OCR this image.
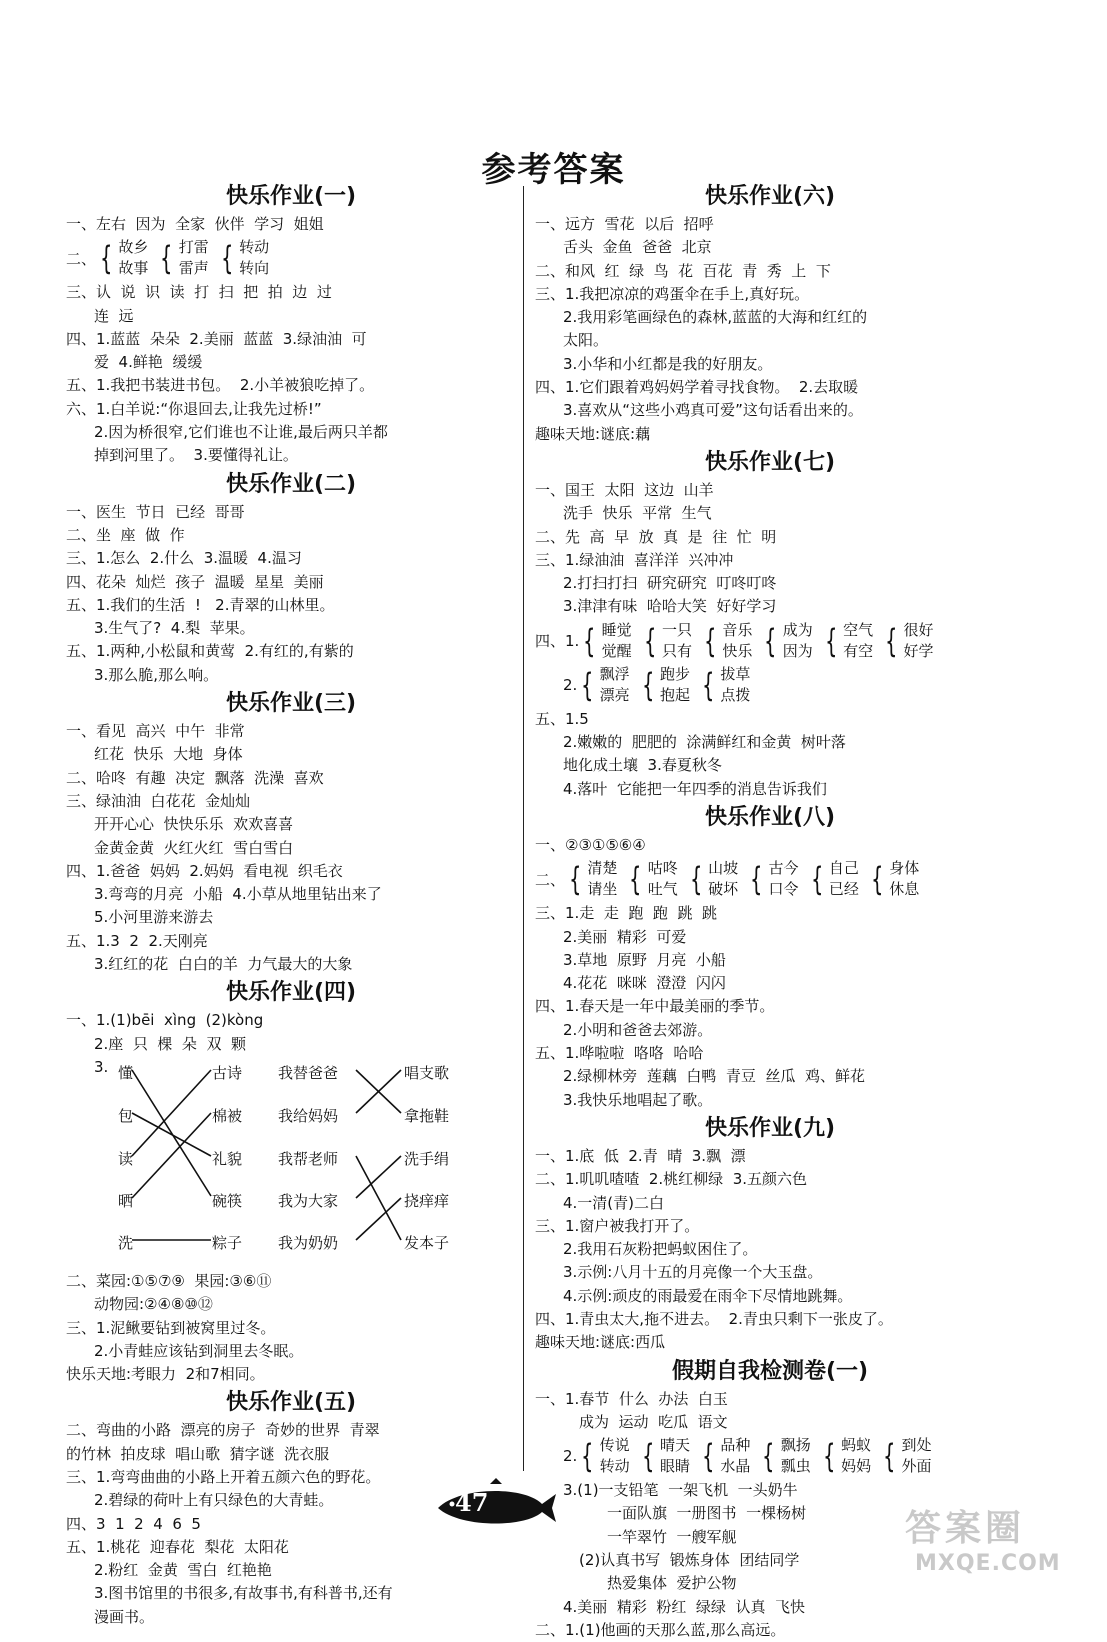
参考答案
快乐作业(一)
一、左右  因为  全家  伙伴  学习  姐姐
二、 { 故乡
故事 { 打雷
雷声 { 转动
转向
三、认  说  识  读  打  扫  把  拍  边  过
连  远
四、1.蓝蓝  朵朵  2.美丽  蓝蓝  3.绿油油  可
爱  4.鲜艳  缓缓
五、1.我把书装进书包。  2.小羊被狼吃掉了。
六、1.白羊说:“你退回去,让我先过桥!”
2.因为桥很窄,它们谁也不让谁,最后两只羊都
掉到河里了。  3.要懂得礼让。
快乐作业(二)
一、医生  节日  已经  哥哥
二、坐  座  做  作
三、1.怎么  2.什么  3.温暖  4.温习
四、花朵  灿烂  孩子  温暖  星星  美丽
五、1.我们的生活  !   2.青翠的山林里。
3.生气了?  4.梨  苹果。
五、1.两种,小松鼠和黄莺  2.有红的,有紫的
3.那么脆,那么响。
快乐作业(三)
一、看见  高兴  中午  非常
红花  快乐  大地  身体
二、哈咚  有趣  决定  飘落  洗澡  喜欢
三、绿油油  白花花  金灿灿
开开心心  快快乐乐  欢欢喜喜
金黄金黄  火红火红  雪白雪白
四、1.爸爸  妈妈  2.妈妈  看电视  织毛衣
3.弯弯的月亮  小船  4.小草从地里钻出来了
5.小河里游来游去
五、1.3  2  2.天刚亮
3.红红的花  白白的羊  力气最大的大象
快乐作业(四)
一、1.(1)bēi  xìng  (2)kòng
2.座  只  棵  朵  双  颗
3. 懂
包
读
晒
洗
古诗
棉被
礼貌
碗筷
粽子
我替爸爸
我给妈妈
我帮老师
我为大家
我为奶奶
唱支歌
拿拖鞋
洗手绢
挠痒痒
发本子
二、菜园:①⑤⑦⑨  果园:③⑥⑪
动物园:②④⑧⑩⑫
三、1.泥鳅要钻到被窝里过冬。
2.小青蛙应该钻到洞里去冬眠。
快乐天地:考眼力  2和7相同。
快乐作业(五)
二、弯曲的小路  漂亮的房子  奇妙的世界  青翠
的竹林  拍皮球  唱山歌  猜字谜  洗衣服
三、1.弯弯曲曲的小路上开着五颜六色的野花。
2.碧绿的荷叶上有只绿色的大青蛙。
四、3  1  2  4  6  5
五、1.桃花  迎春花  梨花  太阳花
2.粉红  金黄  雪白  红艳艳
3.图书馆里的书很多,有故事书,有科普书,还有
漫画书。
快乐作业(六)
一、远方  雪花  以后  招呼
舌头  金鱼  爸爸  北京
二、和风  红  绿  鸟  花  百花  青  秀  上  下
三、1.我把凉凉的鸡蛋伞在手上,真好玩。
2.我用彩笔画绿色的森林,蓝蓝的大海和红红的
太阳。
3.小华和小红都是我的好朋友。
四、1.它们跟着鸡妈妈学着寻找食物。  2.去取暖
3.喜欢从“这些小鸡真可爱”这句话看出来的。
趣味天地:谜底:藕
快乐作业(七)
一、国王  太阳  这边  山羊
洗手  快乐  平常  生气
二、先  高  早  放  真  是  往  忙  明
三、1.绿油油  喜洋洋  兴冲冲
2.打扫打扫  研究研究  叮咚叮咚
3.津津有味  哈哈大笑  好好学习
四、1. { 睡觉
觉醒 { 一只
只有 { 音乐
快乐 { 成为
因为 { 空气
有空 { 很好
好学
2. { 飘浮
漂亮 { 跑步
抱起 { 拔草
点拨
五、1.5
2.嫩嫩的  肥肥的  涂满鲜红和金黄  树叶落
地化成土壤  3.春夏秋冬
4.落叶  它能把一年四季的消息告诉我们
快乐作业(八)
一、②③①⑤⑥④
二、 { 清楚
请坐 { 咕咚
吐气 { 山坡
破坏 { 古今
口令 { 自己
已经 { 身体
休息
三、1.走  走  跑  跑  跳  跳
2.美丽  精彩  可爱
3.草地  原野  月亮  小船
4.花花  咪咪  澄澄  闪闪
四、1.春天是一年中最美丽的季节。
2.小明和爸爸去郊游。
五、1.哗啦啦  咯咯  哈哈
2.绿柳林旁  莲藕  白鸭  青豆  丝瓜  鸡、鲜花
3.我快乐地唱起了歌。
快乐作业(九)
一、1.底  低  2.青  晴  3.飘  漂
二、1.叽叽喳喳  2.桃红柳绿  3.五颜六色
4.一清(青)二白
三、1.窗户被我打开了。
2.我用石灰粉把蚂蚁困住了。
3.示例:八月十五的月亮像一个大玉盘。
4.示例:顽皮的雨最爱在雨伞下尽情地跳舞。
四、1.青虫太大,拖不进去。  2.青虫只剩下一张皮了。
趣味天地:谜底:西瓜
假期自我检测卷(一)
一、1.春节  什么  办法  白玉
成为  运动  吃瓜  语文
2. { 传说
转动 { 晴天
眼睛 { 品种
水晶 { 飘扬
瓢虫 { 蚂蚁
妈妈 { 到处
外面
3.(1)一支铅笔  一架飞机  一头奶牛
一面队旗  一册图书  一棵杨树
一竿翠竹  一艘军舰
(2)认真书写  锻炼身体  团结同学
热爱集体  爱护公物
4.美丽  精彩  粉红  绿绿  认真  飞快
二、1.(1)他画的天那么蓝,那么高远。
47
答案圈
MXQE.COM
